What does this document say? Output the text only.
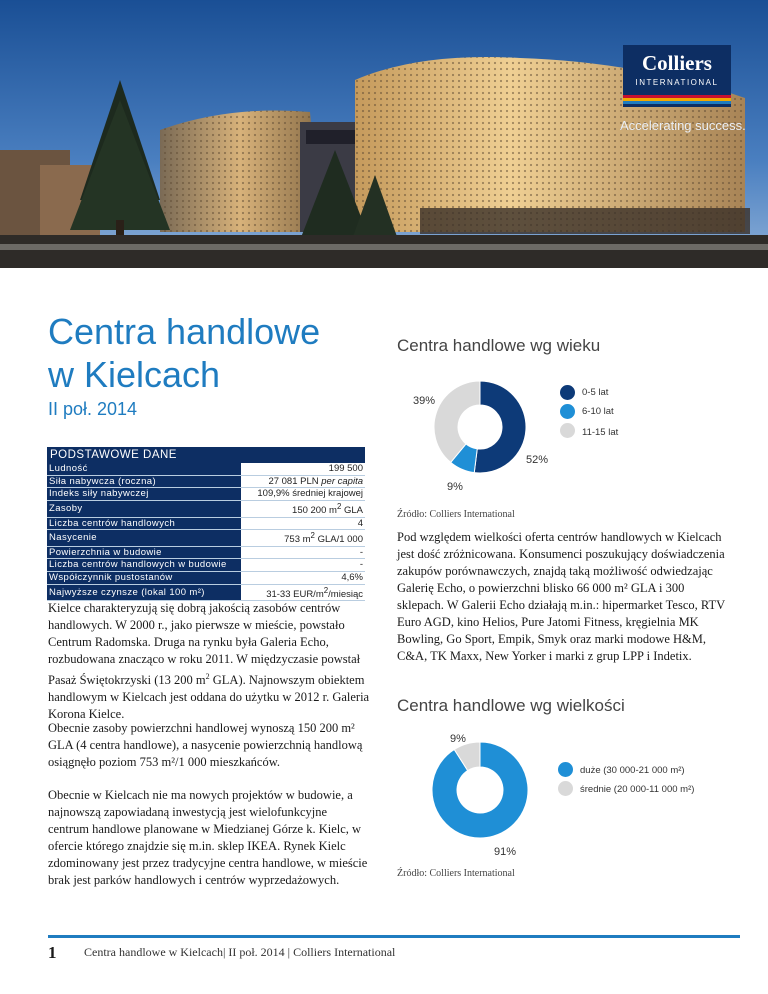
Colliers
INTERNATIONAL
Accelerating success.
Centra handlowe
w Kielcach
II poł. 2014
PODSTAWOWE DANE	
Ludność	199 500
Siła nabywcza (roczna)	27 081 PLN per capita
Indeks siły nabywczej	109,9% średniej krajowej
Zasoby	150 200 $m^2$ GLA
Liczba centrów handlowych	4
Nasycenie	753 $m^2$ GLA/1 000
Powierzchnia w budowie	-
Liczba centrów handlowych w budowie	-
Współczynnik pustostanów	4,6%
Najwyższe czynsze (lokal 100 m²)	31-33 EUR/$m^2$/miesiąc

Kielce charakteryzują się dobrą jakością zasobów centrów handlowych. W 2000 r., jako pierwsze w mieście, powstało Centrum Radomska. Druga na rynku była Galeria Echo, rozbudowana znacząco w roku 2011. W międzyczasie powstał Pasaż Świętokrzyski (13 200 $m^2$ GLA). Najnowszym obiektem handlowym w Kielcach jest oddana do użytku w 2012 r. Galeria Korona Kielce.

Obecnie zasoby powierzchni handlowej wynoszą 150 200 m² GLA (4 centra handlowe), a nasycenie powierzchnią handlową osiągnęło poziom 753 m²/1 000 mieszkańców.

Obecnie w Kielcach nie ma nowych projektów w budowie, a najnowszą zapowiadaną inwestycją jest wielofunkcyjne centrum handlowe planowane w Miedzianej Górze k. Kielc, w ofercie którego znajdzie się m.in. sklep IKEA. Rynek Kielc zdominowany jest przez tradycyjne centra handlowe, w mieście brak jest parków handlowych i centrów wyprzedażowych.

Centra handlowe wg wieku
39%
52%
9%
0-5 lat
6-10 lat
11-15 lat
Źródło: Colliers International

Pod względem wielkości oferta centrów handlowych w Kielcach jest dość zróżnicowana. Konsumenci poszukujący doświadczenia zakupów porównawczych, znajdą taką możliwość odwiedzając Galerię Echo, o powierzchni blisko 66 000 m² GLA i 300 sklepach. W Galerii Echo działają m.in.: hipermarket Tesco, RTV Euro AGD, kino Helios, Pure Jatomi Fitness, kręgielnia MK Bowling, Go Sport, Empik, Smyk oraz marki modowe H&M, C&A, TK Maxx, New Yorker i marki z grup LPP i Indetix.

Centra handlowe wg wielkości
9%
91%
duże (30 000-21 000 m²)
średnie (20 000-11 000 m²)
Źródło: Colliers International
1 Centra handlowe w Kielcach| II poł. 2014 | Colliers International
